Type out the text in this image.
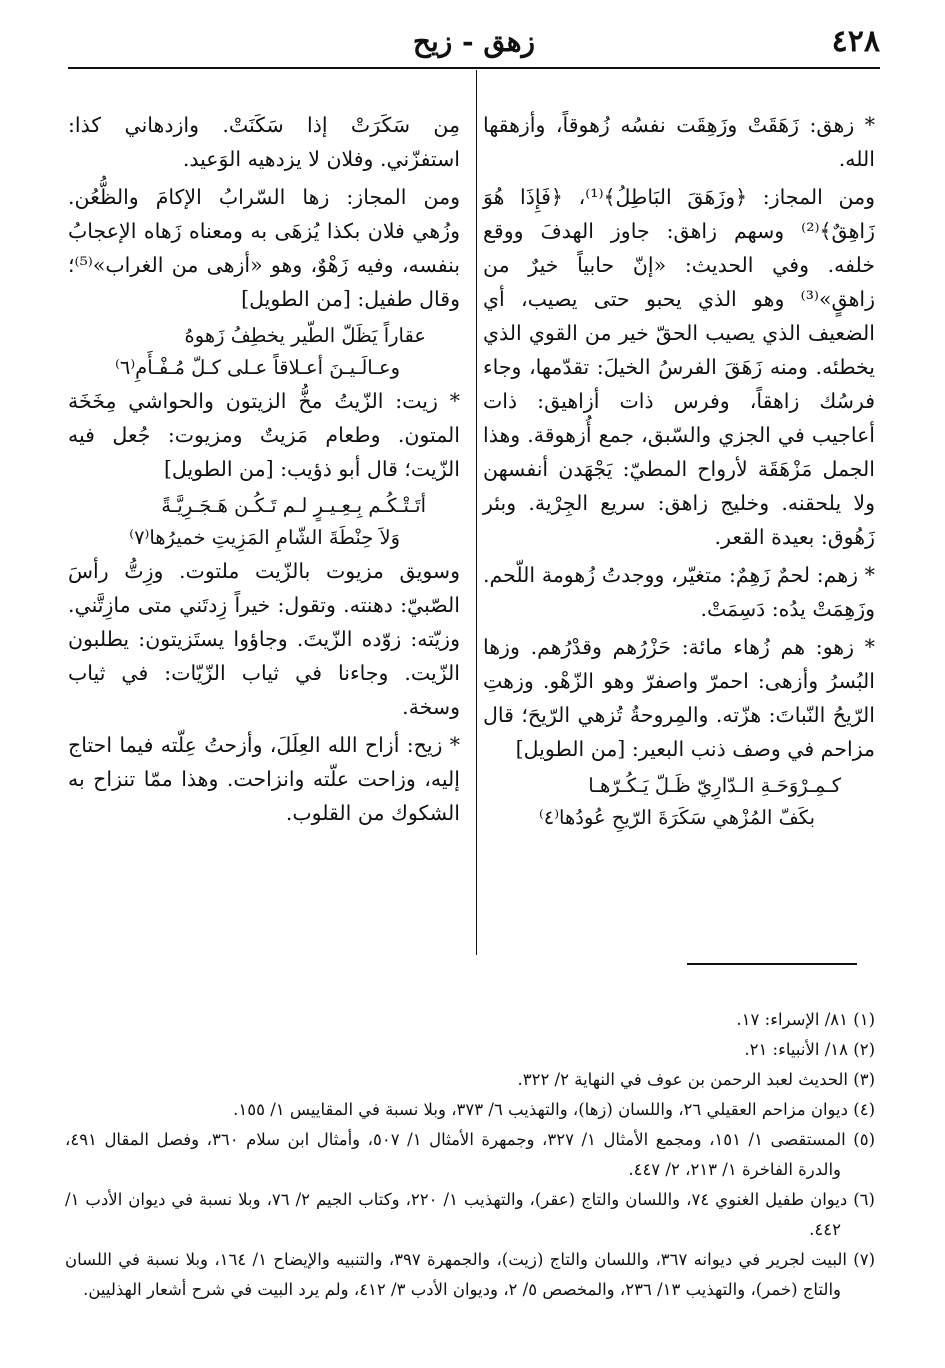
٤٢٨
زهق - زيح

* زهق: زَهَقَتْ وزَهِقَت نفسُه زُهوقاً، وأزهقها الله.

ومن المجاز: ﴿وزَهَقَ البَاطِلُ﴾⁽¹⁾، ﴿فَإِذَا هُوَ زَاهِقٌ﴾⁽²⁾ وسهم زاهق: جاوز الهدفَ ووقع خلفه. وفي الحديث: «إنّ حابياً خيرٌ من زاهقٍ»⁽³⁾ وهو الذي يحبو حتى يصيب، أي الضعيف الذي يصيب الحقّ خير من القوي الذي يخطئه. ومنه زَهَقَ الفرسُ الخيلَ: تقدّمها، وجاء فرسُك زاهقاً، وفرس ذات أزاهيق: ذات أعاجيب في الجزي والسّبق، جمع أُزهوقة. وهذا الجمل مَزْهَقَة لأرواح المطيّ: يَجْهَدن أنفسهن ولا يلحقنه. وخليج زاهق: سريع الجِرْية. وبئر زَهُوق: بعيدة القعر.

* زهم: لحمٌ زَهِمٌ: متغيّر، ووجدتُ زُهومة اللّحم. وزَهِمَتْ يدُه: دَسِمَتْ.

* زهو: هم زُهاء مائة: حَزْرُهم وقدْرُهم. وزها البُسرُ وأزهى: احمرّ واصفرّ وهو الزّهْو. وزهتِ الرّيحُ النّباتَ: هزّته. والمِروحةُ تُزهي الرّيحَ؛ قال مزاحم في وصف ذنب البعير: [من الطويل]

كـمِـرْوَحَـةِ الـدّارِيّ ظَـلّ يَـكُـرّهـا

بكَفّ المُزْهي سَكَرَةَ الرّيحِ عُودُها⁽٤⁾

مِن سَكَرَتْ إذا سَكَنَتْ. وازدهاني كذا: استفزّني. وفلان لا يزدهيه الوَعيد.

ومن المجاز: زها السّرابُ الإكامَ والظُّعُن. وزُهي فلان بكذا يُزهَى به ومعناه زَهاه الإعجابُ بنفسه، وفيه زَهْوٌ، وهو «أزهى من الغراب»⁽⁵⁾؛ وقال طفيل: [من الطويل]

عقاراً يَظَلّ الطّير يخطِفُ زَهوهُ

وعـالَـيـنَ أعـلاقاً عـلى كـلّ مُـفْـأَمِ⁽٦⁾

* زيت: الزّيتُ مخُّ الزيتون والحواشي مِخَخَة المتون. وطعام مَزيتٌ ومزيوت: جُعل فيه الزّيت؛ قال أبو ذؤيب: [من الطويل]

أتَـتْـكُـم بِـعِـيـرٍ لـم تَـكُـن هَـجَـرِيَّـةً

وَلاَ حِنْطَةَ الشّامِ المَزِيتِ خميرُها⁽٧⁾

وسويق مزيوت بالزّيت ملتوت. وزِتُّ رأسَ الصّبيّ: دهنته. وتقول: خيراً زِدتَني متى مازِتَّني. وزيّته: زوّده الزّيتَ. وجاؤوا يستَزيتون: يطلبون الزّيت. وجاءنا في ثياب الزّيّات: في ثياب وسخة.

* زيح: أزاح الله العِلَلَ، وأزحتُ عِلّته فيما احتاج إليه، وزاحت علّته وانزاحت. وهذا ممّا تنزاح به الشكوك من القلوب.

(١) ٨١/ الإسراء: ١٧.

(٢) ١٨/ الأنبياء: ٢١.

(٣) الحديث لعبد الرحمن بن عوف في النهاية ٢/ ٣٢٢.

(٤) ديوان مزاحم العقيلي ٢٦، واللسان (زها)، والتهذيب ٦/ ٣٧٣، وبلا نسبة في المقاييس ١/ ١٥٥.

(٥) المستقصى ١/ ١٥١، ومجمع الأمثال ١/ ٣٢٧، وجمهرة الأمثال ١/ ٥٠٧، وأمثال ابن سلام ٣٦٠، وفصل المقال ٤٩١، والدرة الفاخرة ١/ ٢١٣، ٢/ ٤٤٧.

(٦) ديوان طفيل الغنوي ٧٤، واللسان والتاج (عقر)، والتهذيب ١/ ٢٢٠، وكتاب الجيم ٢/ ٧٦، وبلا نسبة في ديوان الأدب ١/ ٤٤٢.

(٧) البيت لجرير في ديوانه ٣٦٧، واللسان والتاج (زيت)، والجمهرة ٣٩٧، والتنبيه والإيضاح ١/ ١٦٤، وبلا نسبة في اللسان والتاج (خمر)، والتهذيب ١٣/ ٢٣٦، والمخصص ٥/ ٢، وديوان الأدب ٣/ ٤١٢، ولم يرد البيت في شرح أشعار الهذليين.
